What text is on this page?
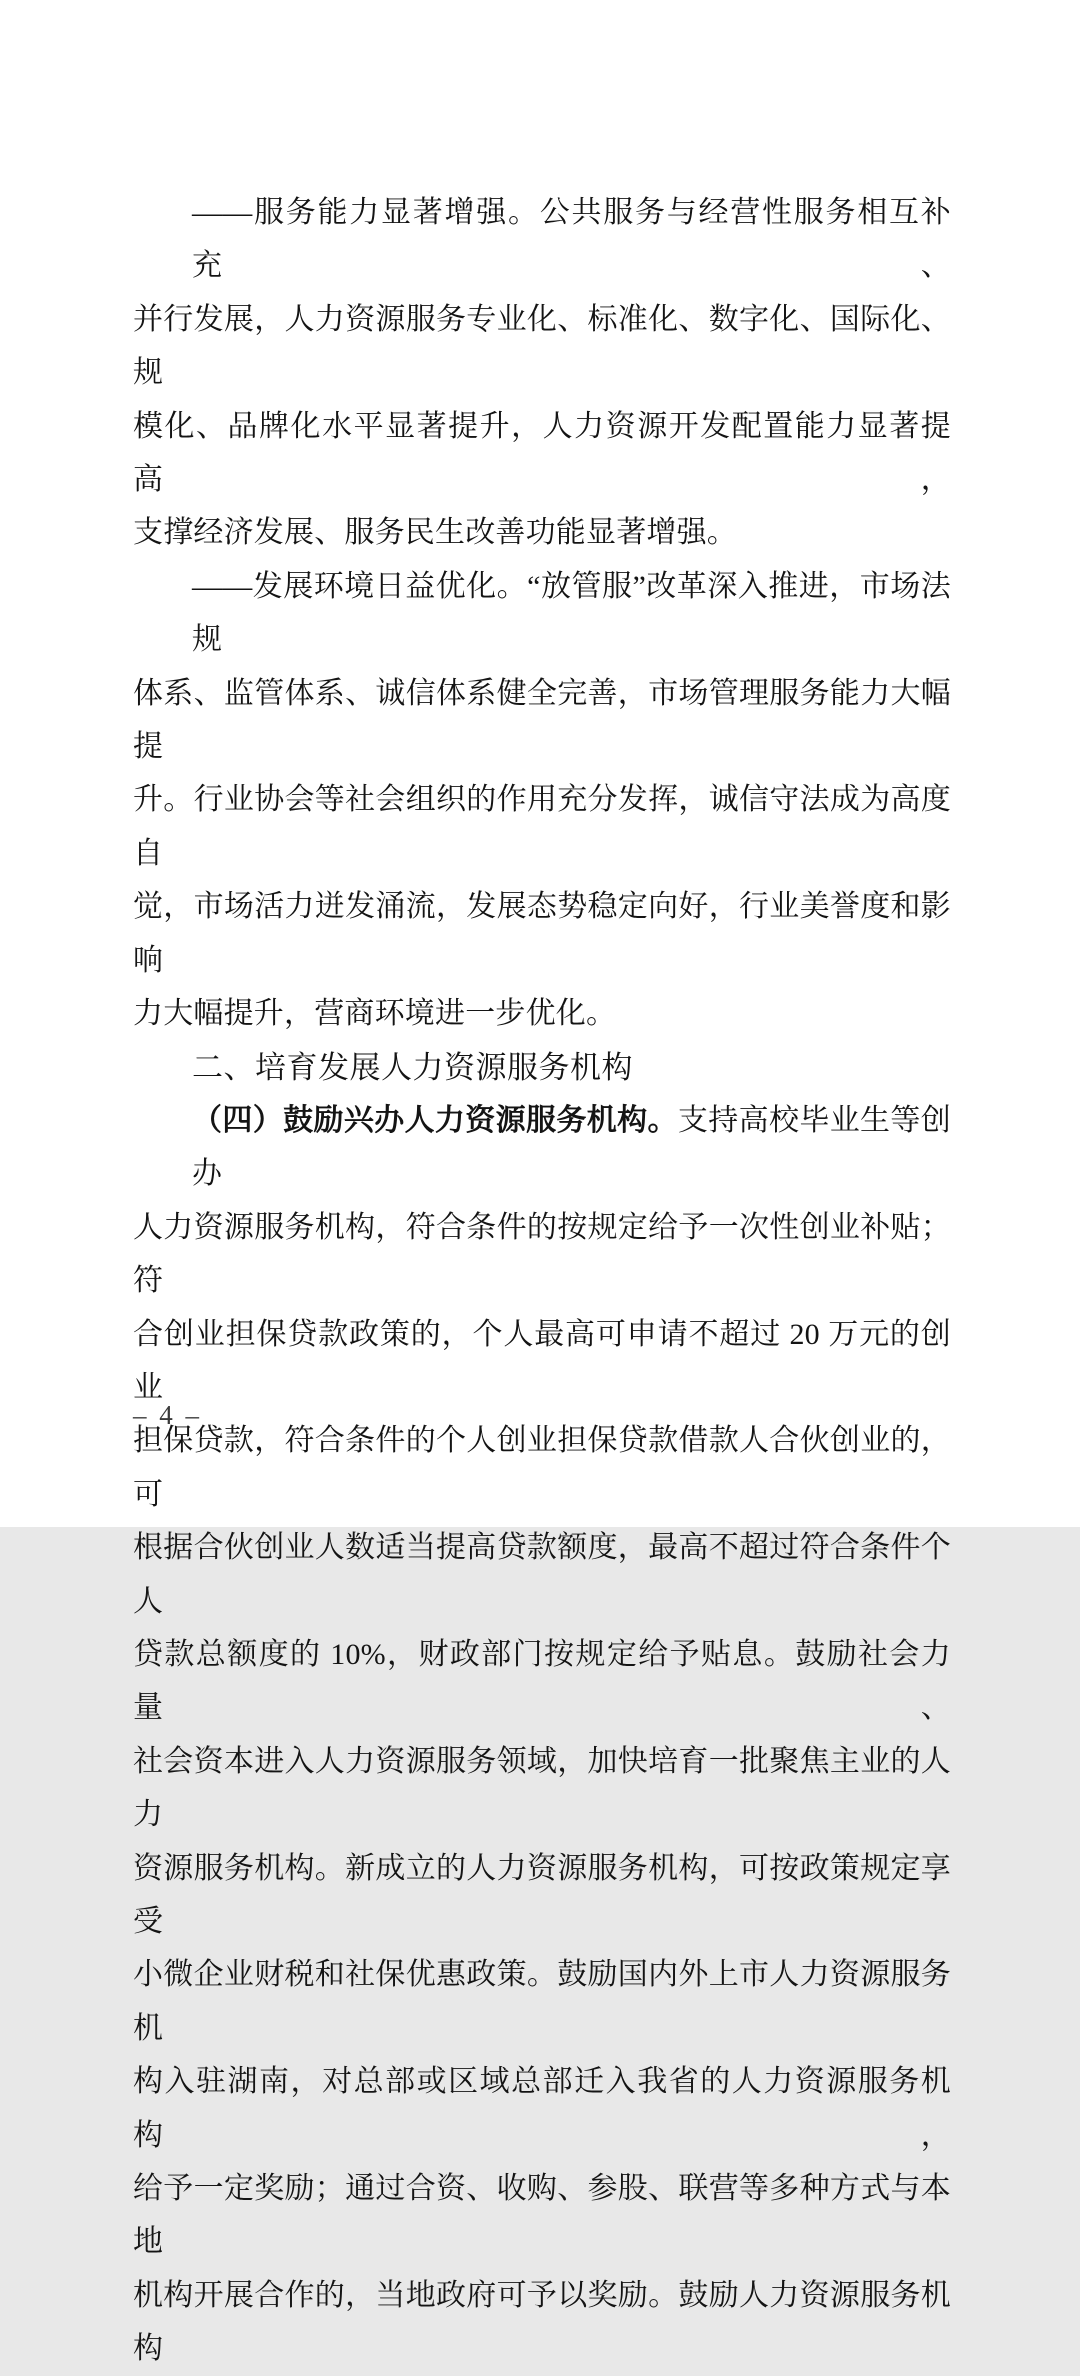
——服务能力显著增强。公共服务与经营性服务相互补充、
并行发展，人力资源服务专业化、标准化、数字化、国际化、规
模化、品牌化水平显著提升，人力资源开发配置能力显著提高，
支撑经济发展、服务民生改善功能显著增强。
——发展环境日益优化。“放管服”改革深入推进，市场法规
体系、监管体系、诚信体系健全完善，市场管理服务能力大幅提
升。行业协会等社会组织的作用充分发挥，诚信守法成为高度自
觉，市场活力迸发涌流，发展态势稳定向好，行业美誉度和影响
力大幅提升，营商环境进一步优化。
二、培育发展人力资源服务机构
（四）鼓励兴办人力资源服务机构。支持高校毕业生等创办
人力资源服务机构，符合条件的按规定给予一次性创业补贴；符
合创业担保贷款政策的，个人最高可申请不超过 20 万元的创业
担保贷款，符合条件的个人创业担保贷款借款人合伙创业的，可
根据合伙创业人数适当提高贷款额度，最高不超过符合条件个人
贷款总额度的 10%，财政部门按规定给予贴息。鼓励社会力量、
社会资本进入人力资源服务领域，加快培育一批聚焦主业的人力
资源服务机构。新成立的人力资源服务机构，可按政策规定享受
小微企业财税和社保优惠政策。鼓励国内外上市人力资源服务机
构入驻湖南，对总部或区域总部迁入我省的人力资源服务机构，
给予一定奖励；通过合资、收购、参股、联营等多种方式与本地
机构开展合作的，当地政府可予以奖励。鼓励人力资源服务机构
– 4 –
